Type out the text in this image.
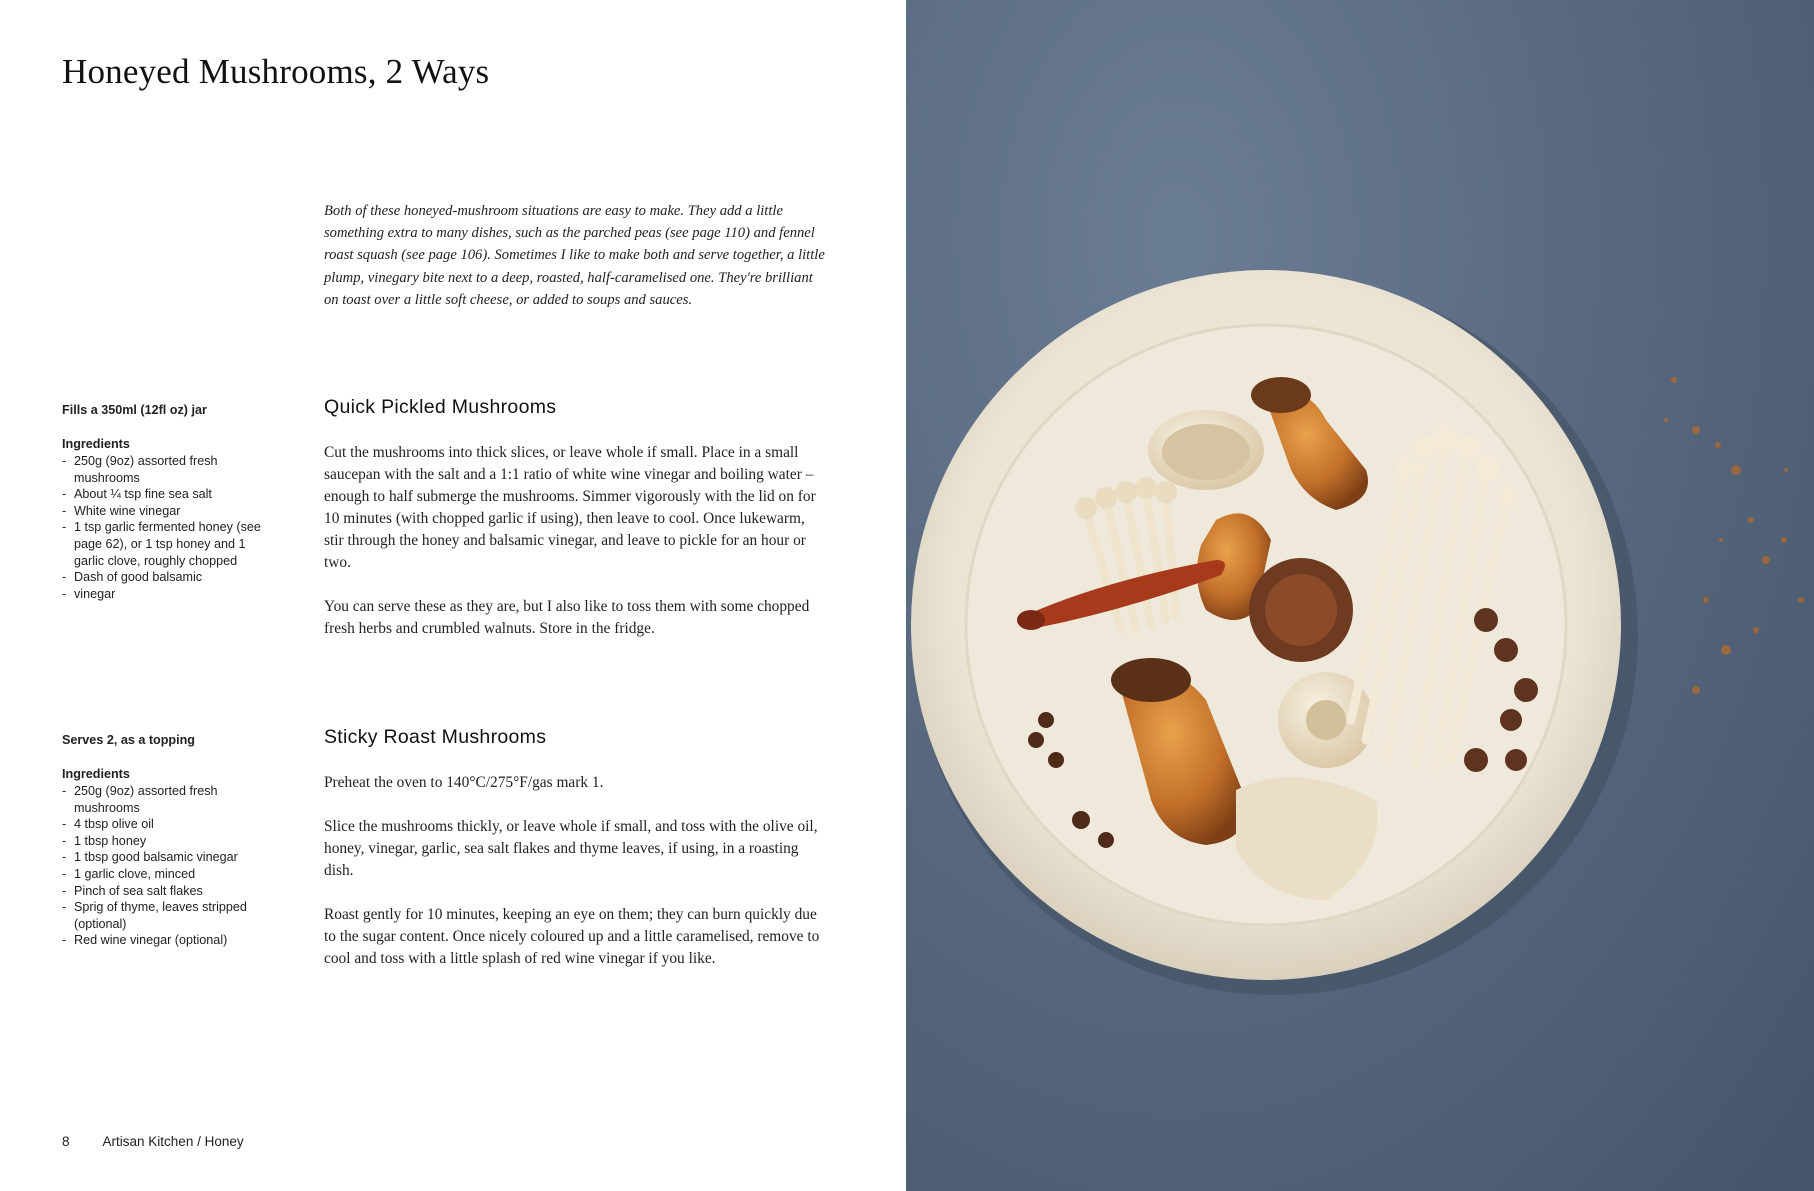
Honeyed Mushrooms, 2 Ways

Both of these honeyed-mushroom situations are easy to make. They add a little something extra to many dishes, such as the parched peas (see page 110) and fennel roast squash (see page 106). Sometimes I like to make both and serve together, a little plump, vinegary bite next to a deep, roasted, half-caramelised one. They're brilliant on toast over a little soft cheese, or added to soups and sauces.

Fills a 350ml (12fl oz) jar

Ingredients

- 250g (9oz) assorted fresh mushrooms
- About ¼ tsp fine sea salt
- White wine vinegar
- 1 tsp garlic fermented honey (see page 62), or 1 tsp honey and 1 garlic clove, roughly chopped
- Dash of good balsamic
- vinegar
Quick Pickled Mushrooms

Cut the mushrooms into thick slices, or leave whole if small. Place in a small saucepan with the salt and a 1:1 ratio of white wine vinegar and boiling water – enough to half submerge the mushrooms. Simmer vigorously with the lid on for 10 minutes (with chopped garlic if using), then leave to cool. Once lukewarm, stir through the honey and balsamic vinegar, and leave to pickle for an hour or two.

You can serve these as they are, but I also like to toss them with some chopped fresh herbs and crumbled walnuts. Store in the fridge.

Serves 2, as a topping

Ingredients

- 250g (9oz) assorted fresh mushrooms
- 4 tbsp olive oil
- 1 tbsp honey
- 1 tbsp good balsamic vinegar
- 1 garlic clove, minced
- Pinch of sea salt flakes
- Sprig of thyme, leaves stripped (optional)
- Red wine vinegar (optional)
Sticky Roast Mushrooms

Preheat the oven to 140°C/275°F/gas mark 1.

Slice the mushrooms thickly, or leave whole if small, and toss with the olive oil, honey, vinegar, garlic, sea salt flakes and thyme leaves, if using, in a roasting dish.

Roast gently for 10 minutes, keeping an eye on them; they can burn quickly due to the sugar content. Once nicely coloured up and a little caramelised, remove to cool and toss with a little splash of red wine vinegar if you like.

8 Artisan Kitchen / Honey
